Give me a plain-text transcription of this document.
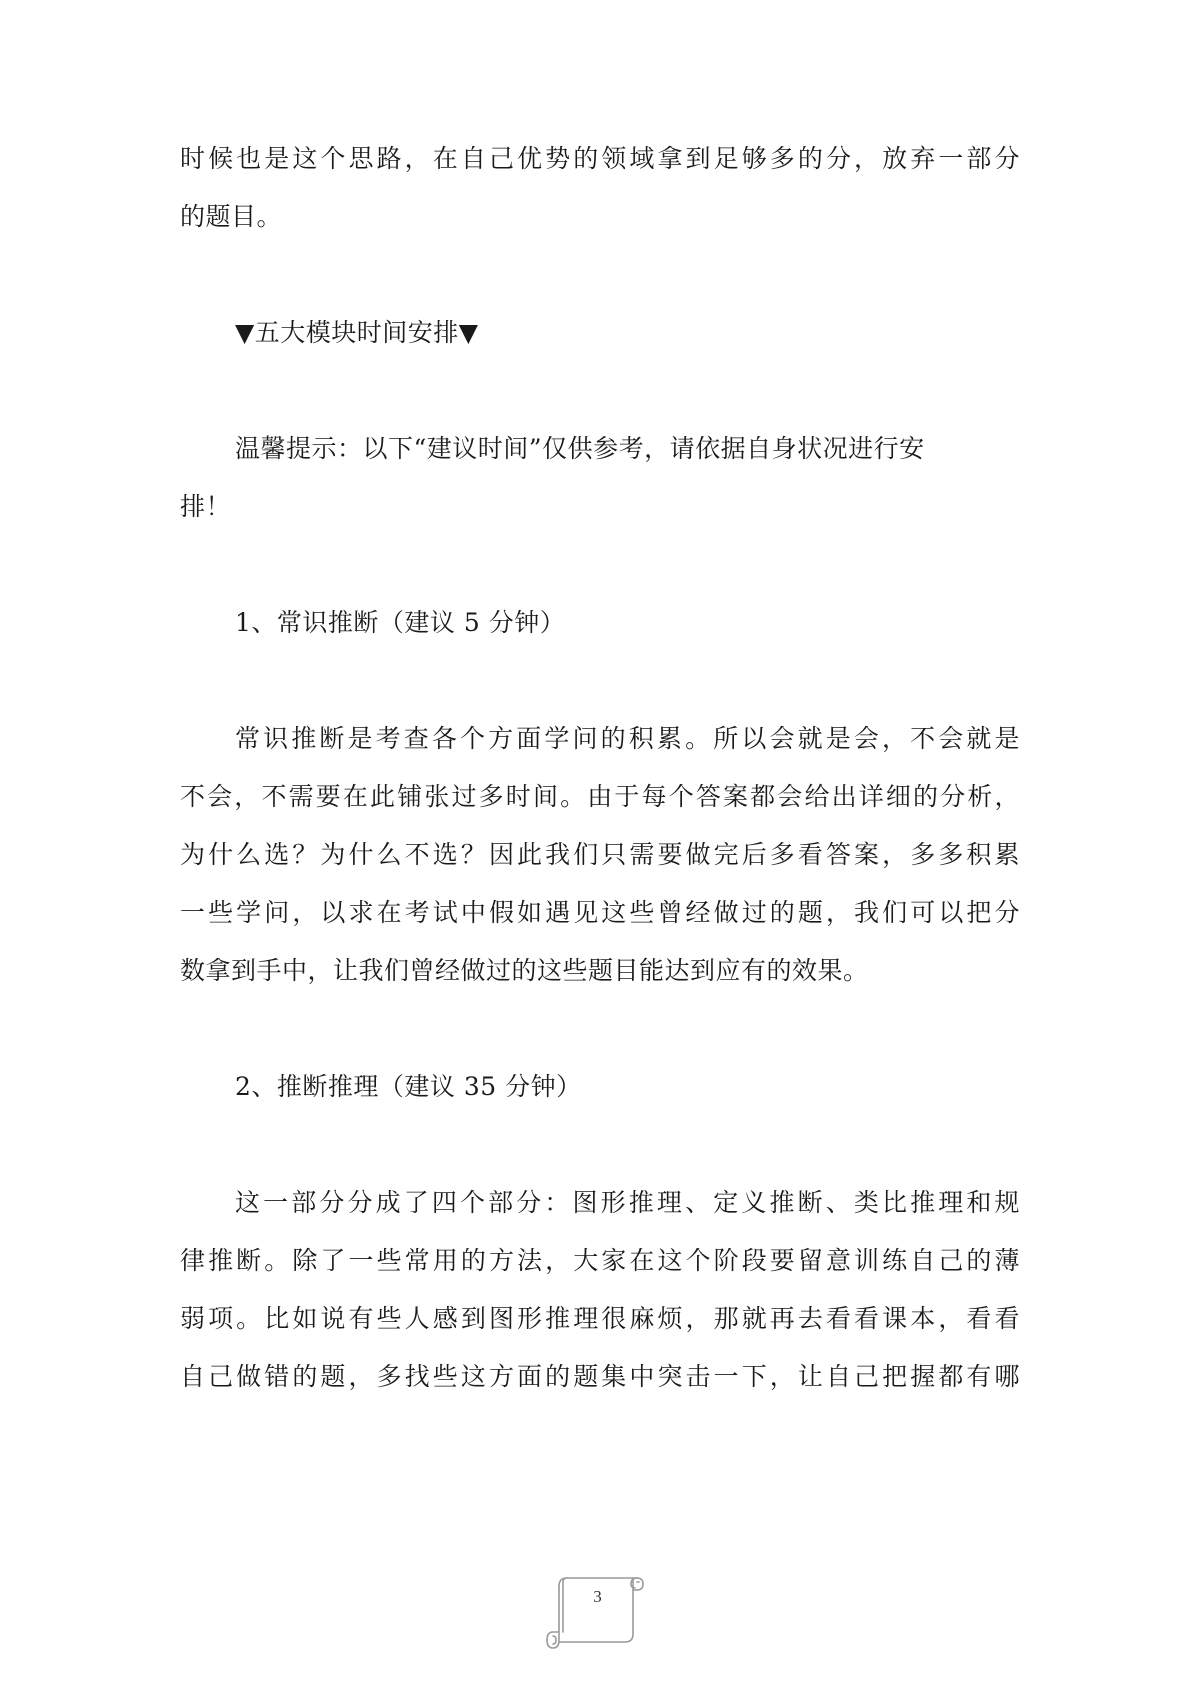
时候也是这个思路，在自己优势的领域拿到足够多的分，放弃一部分
的题目。
▼五大模块时间安排▼
温馨提示：以下“建议时间”仅供参考，请依据自身状况进行安
排！
1、常识推断（建议 5 分钟）
常识推断是考查各个方面学问的积累。所以会就是会，不会就是
不会，不需要在此铺张过多时间。由于每个答案都会给出详细的分析，
为什么选？为什么不选？因此我们只需要做完后多看答案，多多积累
一些学问，以求在考试中假如遇见这些曾经做过的题，我们可以把分
数拿到手中，让我们曾经做过的这些题目能达到应有的效果。
2、推断推理（建议 35 分钟）
这一部分分成了四个部分：图形推理、定义推断、类比推理和规
律推断。除了一些常用的方法，大家在这个阶段要留意训练自己的薄
弱项。比如说有些人感到图形推理很麻烦，那就再去看看课本，看看
自己做错的题，多找些这方面的题集中突击一下，让自己把握都有哪
3
